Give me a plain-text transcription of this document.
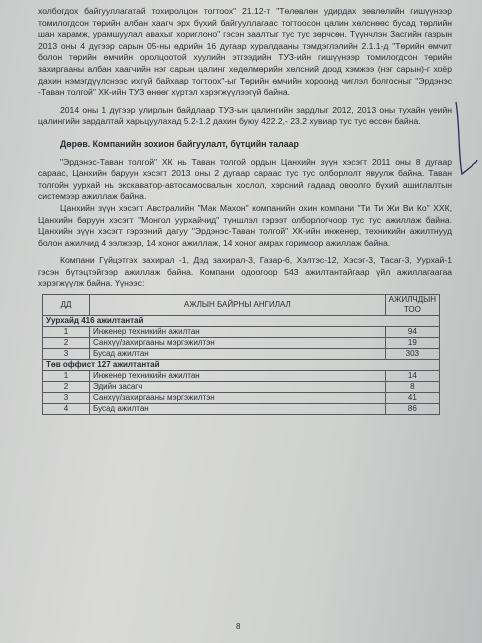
холбогдох байгууллагатай тохиролцон тогтоох" 21.12-т "Төлөвлөн удирдах зөвлөлийн гишүүнээр томилогдсон төрийн албан хаагч эрх бүхий байгууллагаас тогтоосон цалин хөлснөөс бусад төрлийн шан харамж, урамшуулал авахыг хориглоно" гэсэн заалтыг тус тус зөрчсөн. Түүнчлэн Засгийн газрын 2013 оны 4 дүгээр сарын 05-ны өдрийн 16 дугаар хуралдааны тэмдэглэлийн 2.1.1-д "Төрийн өмчит болон төрийн өмчийн оролцоотой хуулийн этгээдийн ТУЗ-ийн гишүүнээр томилогдсон төрийн захиргааны албан хаагчийн нэг сарын цалинг хөдөлмөрийн хөлсний доод хэмжээ (нэг сарын)-г хоёр дахин нэмэгдүүлснээс ихгүй байхаар тогтоох"-ыг Төрийн өмчийн хороонд чиглэл болгосныг "Эрдэнэс -Таван толгой" ХК-ийн ТУЗ өнөөг хүртэл хэрэгжүүлээгүй байна.

2014 оны 1 дүгээр улирлын байдлаар ТУЗ-ын цалингийн зардлыг 2012, 2013 оны тухайн үеийн цалингийн зардалтай харьцуулахад 5.2-1.2 дахин буюу 422.2,- 23.2 хувиар тус тус өссөн байна.

Дөрөв. Компанийн зохион байгуулалт, бүтцийн талаар

"Эрдэнэс-Таван толгой" ХК нь Таван толгой ордын Цанхийн зүүн хэсэгт 2011 оны 8 дугаар сараас, Цанхийн баруун хэсэгт 2013 оны 2 дугаар сараас тус тус олборлолт явуулж байна. Таван толгойн уурхай нь экскаватор-автосамосвалын хослол, хэрсний гадаад овоолго бүхий ашиглалтын системээр ажиллаж байна.

Цанхийн зүүн хэсэгт Австралийн "Мак Махон" компанийн охин компани "Ти Ти Жи Ви Ко" ХХК, Цанхийн баруун хэсэгт "Монгол уурхайчид" түншлэл гэрээт олборлогчоор тус тус ажиллаж байна. Цанхийн зүүн хэсэгт гэрээний дагуу "Эрдэнэс-Таван толгой" ХК-ийн инженер, техникийн ажилтнууд болон ажилчид 4 ээлжээр, 14 хоног ажиллаж, 14 хоног амрах горимоор ажиллаж байна.

Компани Гүйцэтгэх захирал -1, Дэд захирал-3, Газар-6, Хэлтэс-12, Хэсэг-3, Тасаг-3, Уурхай-1 гэсэн бүтэцтэйгээр ажиллаж байна. Компани одоогоор 543 ажилтантайгаар үйл ажиллагаагаа хэрэгжүүлж байна. Үүнээс:

ДД	АЖЛЫН БАЙРНЫ АНГИЛАЛ	АЖИЛЧДЫН ТОО
Уурхайд 416 ажилтантай		
1	Инженер техникийн ажилтан	94
2	Санхүү/захиргааны мэргэжилтэн	19
3	Бусад ажилтан	303
Төв оффист 127 ажилтантай		
1	Инженер техникийн ажилтан	14
2	Эдийн засагч	8
3	Санхүү/захиргааны мэргэжилтэн	41
4	Бусад ажилтан	86
8
